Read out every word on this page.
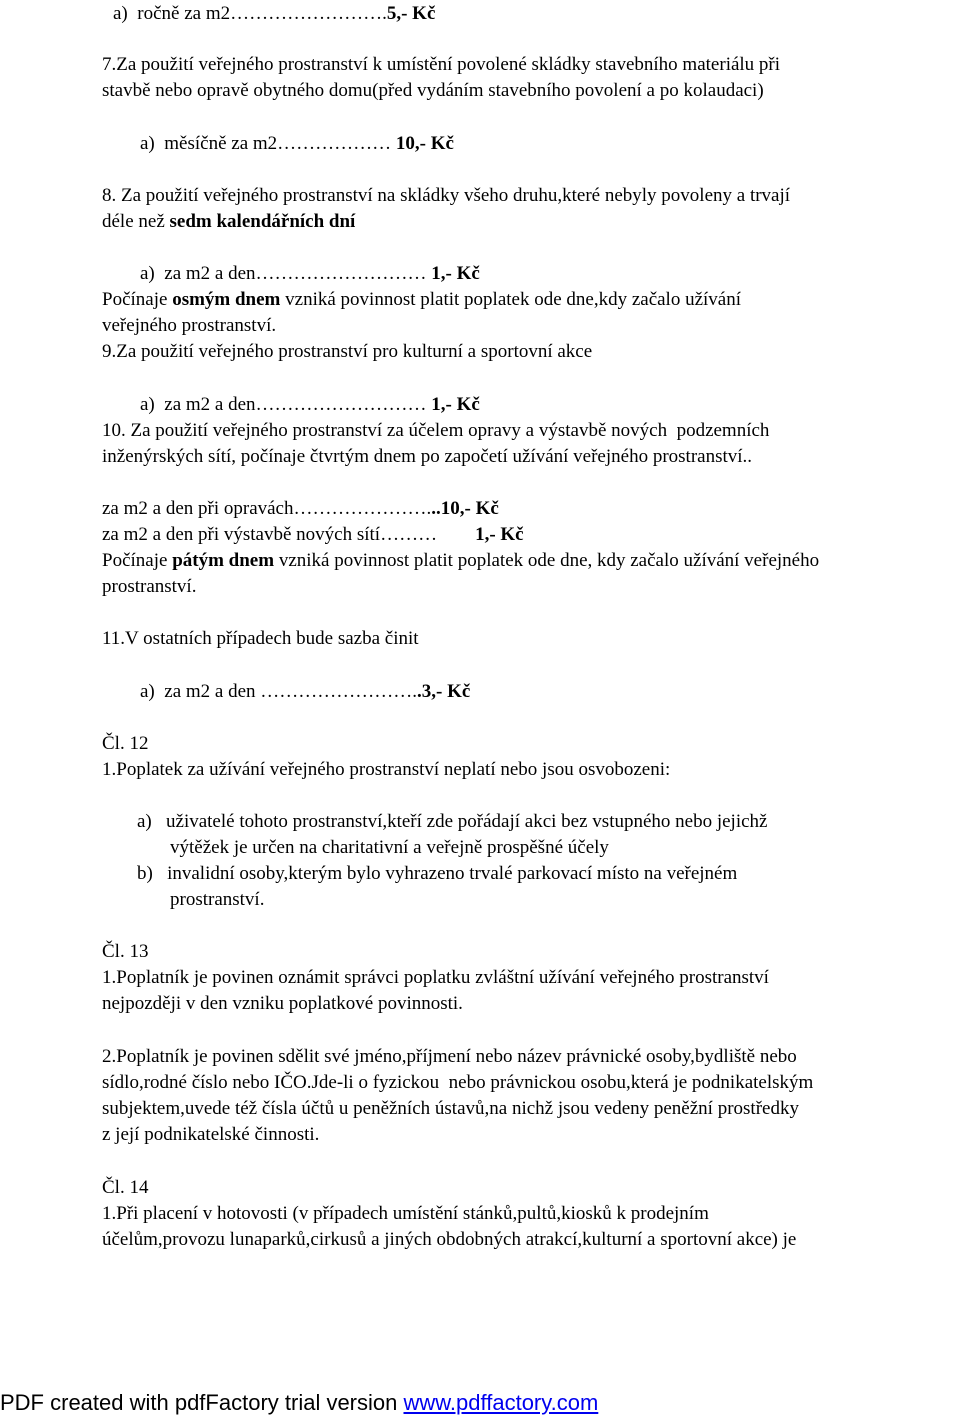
a)  ročně za m2…………………….5,- Kč
7.Za použití veřejného prostranství k umístění povolené skládky stavebního materiálu při
stavbě nebo opravě obytného domu(před vydáním stavebního povolení a po kolaudaci)
a)  měsíčně za m2……………… 10,- Kč
8. Za použití veřejného prostranství na skládky všeho druhu,které nebyly povoleny a trvají
déle než sedm kalendářních dní
a)  za m2 a den……………………… 1,- Kč
Počínaje osmým dnem vzniká povinnost platit poplatek ode dne,kdy začalo užívání
veřejného prostranství.
9.Za použití veřejného prostranství pro kulturní a sportovní akce
a)  za m2 a den……………………… 1,- Kč
10. Za použití veřejného prostranství za účelem opravy a výstavbě nových  podzemních
inženýrských sítí, počínaje čtvrtým dnem po započetí užívání veřejného prostranství..
za m2 a den při opravách…………………...10,- Kč
za m2 a den při výstavbě nových sítí………        1,- Kč
Počínaje pátým dnem vzniká povinnost platit poplatek ode dne, kdy začalo užívání veřejného
prostranství.
11.V ostatních případech bude sazba činit
a)  za m2 a den ……………………..3,- Kč
Čl. 12
1.Poplatek za užívání veřejného prostranství neplatí nebo jsou osvobozeni:
a)   uživatelé tohoto prostranství,kteří zde pořádají akci bez vstupného nebo jejichž
výtěžek je určen na charitativní a veřejně prospěšné účely
b)   invalidní osoby,kterým bylo vyhrazeno trvalé parkovací místo na veřejném
prostranství.
Čl. 13
1.Poplatník je povinen oznámit správci poplatku zvláštní užívání veřejného prostranství
nejpozději v den vzniku poplatkové povinnosti.
2.Poplatník je povinen sdělit své jméno,příjmení nebo název právnické osoby,bydliště nebo
sídlo,rodné číslo nebo IČO.Jde-li o fyzickou  nebo právnickou osobu,která je podnikatelským
subjektem,uvede též čísla účtů u peněžních ústavů,na nichž jsou vedeny peněžní prostředky
z její podnikatelské činnosti.
Čl. 14
1.Při placení v hotovosti (v případech umístění stánků,pultů,kiosků k prodejním
účelům,provozu lunaparků,cirkusů a jiných obdobných atrakcí,kulturní a sportovní akce) je
PDF created with pdfFactory trial version www.pdffactory.com
